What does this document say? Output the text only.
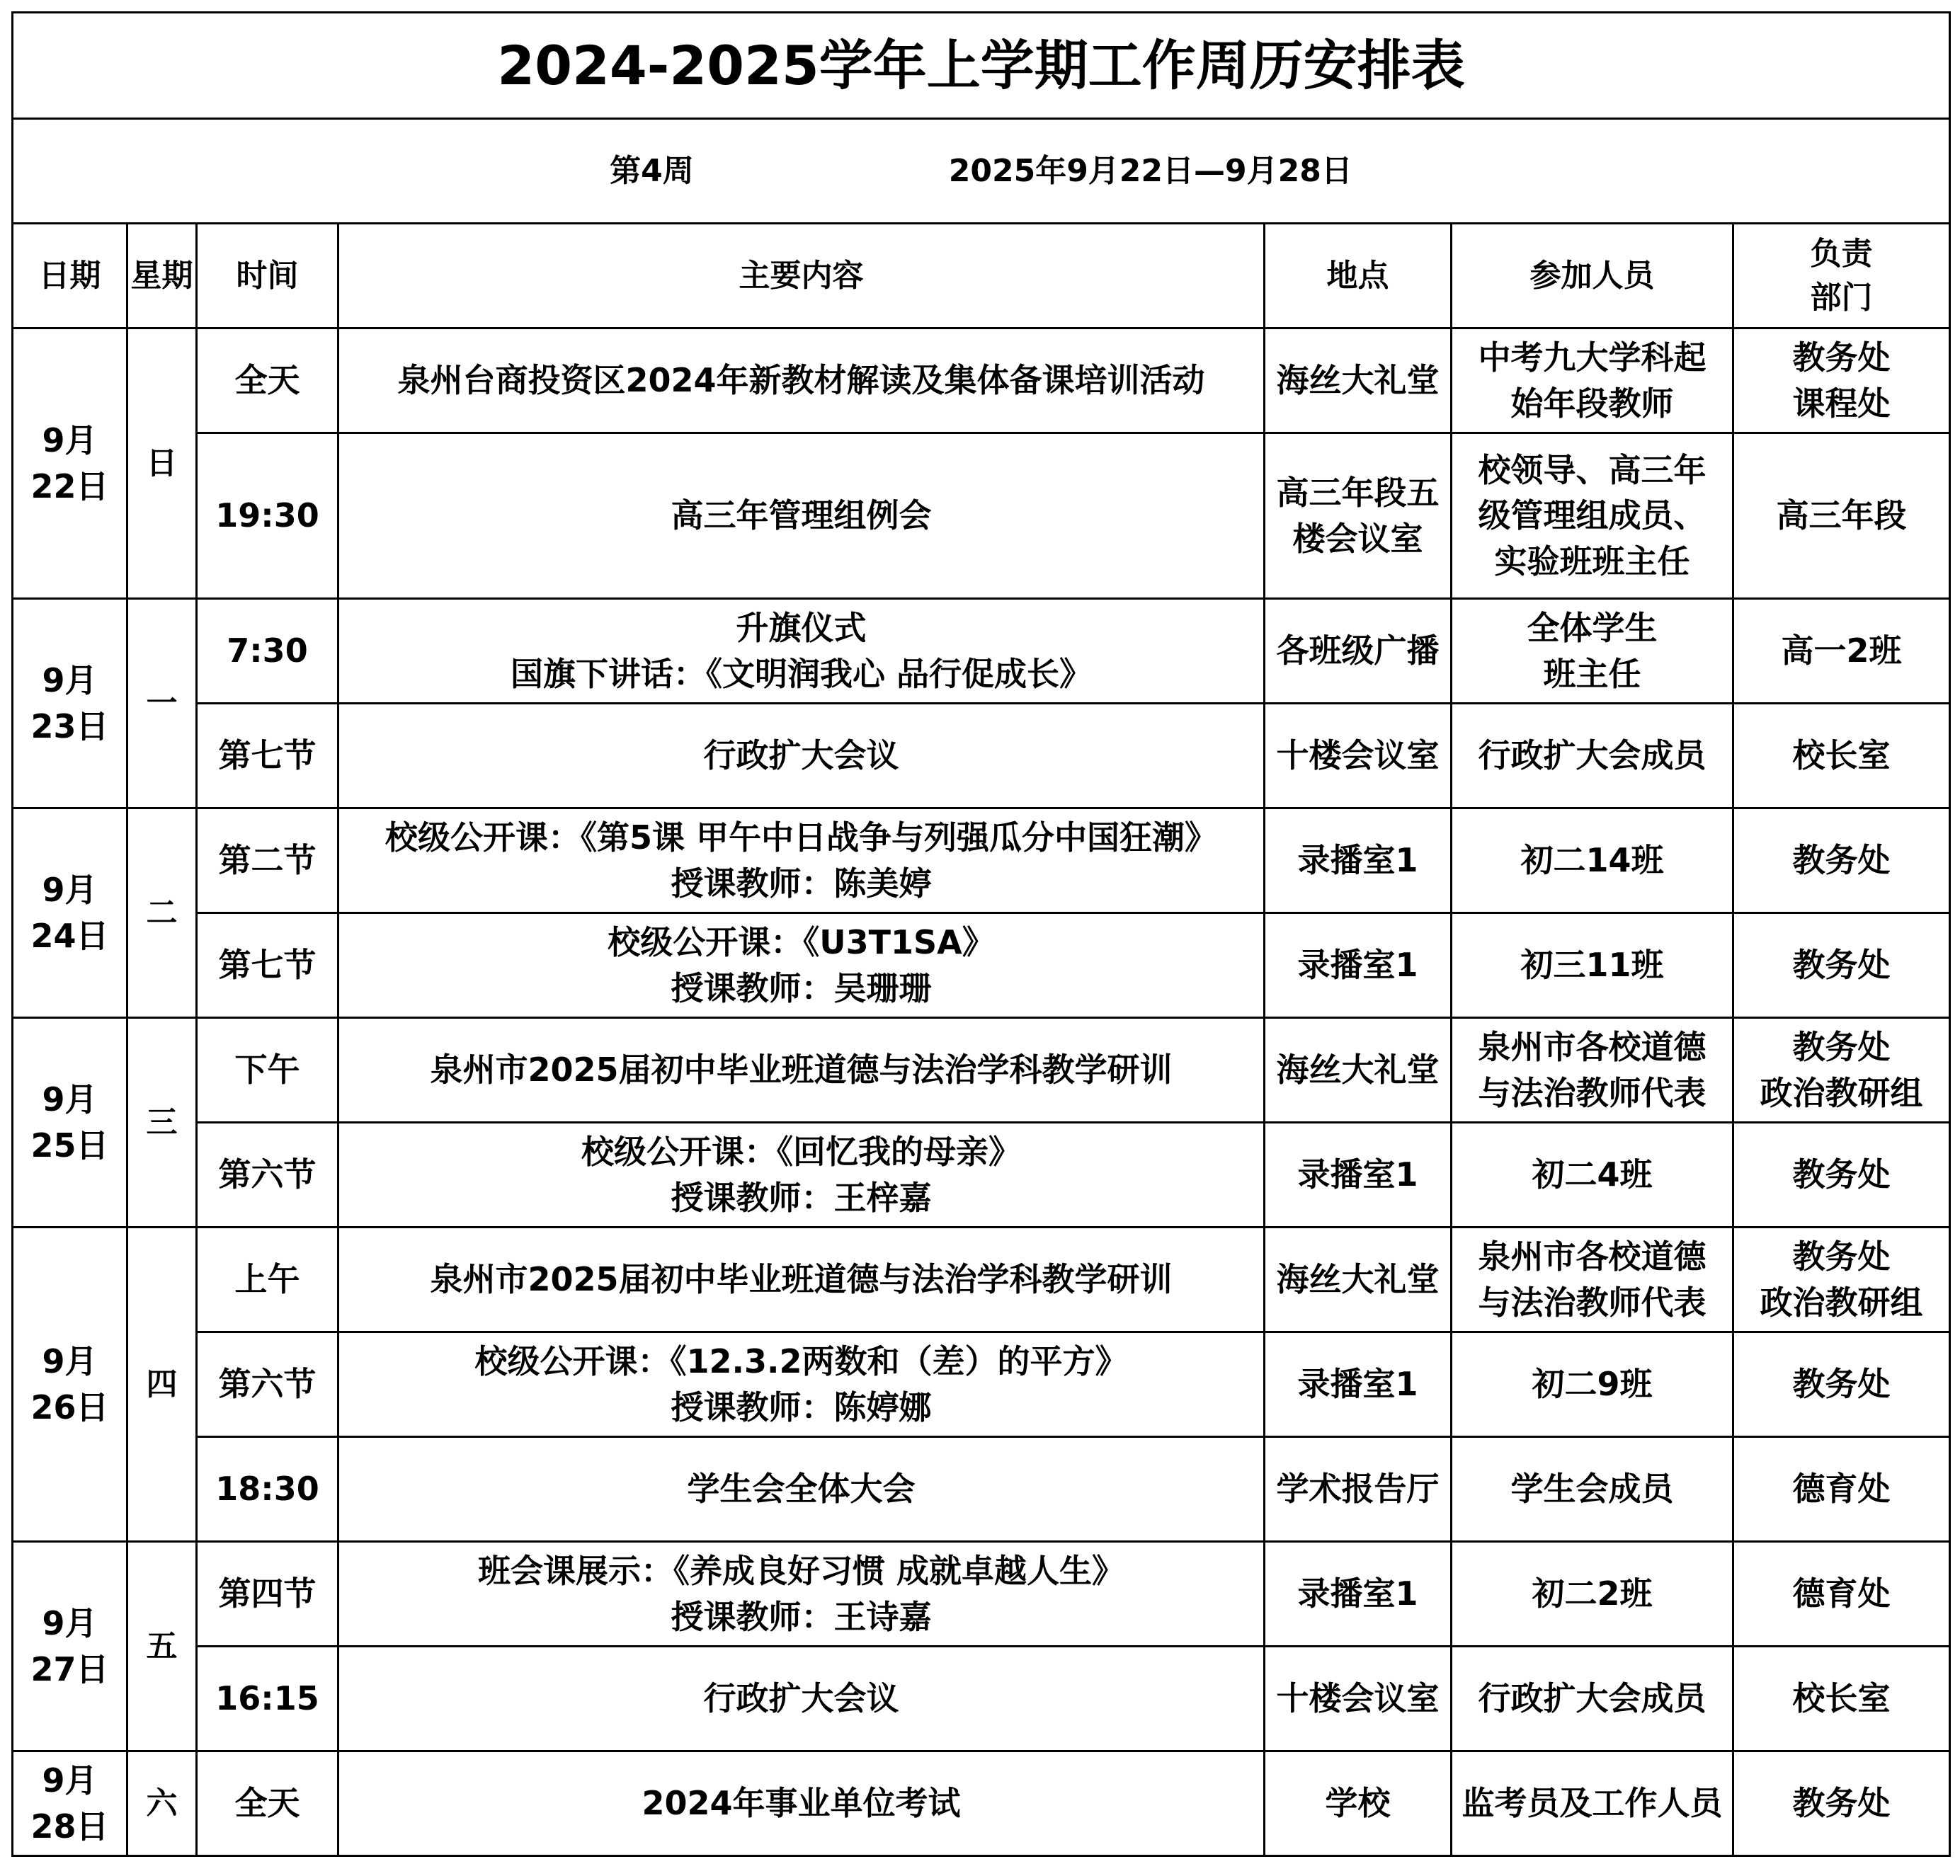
2024-2025学年上学期工作周历安排表						
第4周 2025年9月22日—9月28日						
日期	星期	时间	主要内容	地点	参加人员	负责
部门

9月
22日	日	全天	泉州台商投资区2024年新教材解读及集体备课培训活动	海丝大礼堂	中考九大学科起
始年段教师	教务处
课程处

		19:30	高三年管理组例会	高三年段五
楼会议室	校领导、高三年
级管理组成员、
实验班班主任	高三年段

9月
23日	一	7:30	升旗仪式
国旗下讲话：《文明润我心 品行促成长》	各班级广播	全体学生
班主任	高一2班

		第七节	行政扩大会议	十楼会议室	行政扩大会成员	校长室

9月
24日	二	第二节	校级公开课：《第5课 甲午中日战争与列强瓜分中国狂潮》
授课教师：陈美婷	录播室1	初二14班	教务处

		第七节	校级公开课：《U3T1SA》
授课教师：吴珊珊	录播室1	初三11班	教务处

9月
25日	三	下午	泉州市2025届初中毕业班道德与法治学科教学研训	海丝大礼堂	泉州市各校道德
与法治教师代表	教务处
政治教研组

		第六节	校级公开课：《回忆我的母亲》
授课教师：王梓嘉	录播室1	初二4班	教务处

9月
26日	四	上午	泉州市2025届初中毕业班道德与法治学科教学研训	海丝大礼堂	泉州市各校道德
与法治教师代表	教务处
政治教研组

		第六节	校级公开课：《12.3.2两数和（差）的平方》
授课教师：陈婷娜	录播室1	初二9班	教务处

		18:30	学生会全体大会	学术报告厅	学生会成员	德育处

9月
27日	五	第四节	班会课展示：《养成良好习惯 成就卓越人生》
授课教师：王诗嘉	录播室1	初二2班	德育处

		16:15	行政扩大会议	十楼会议室	行政扩大会成员	校长室

9月
28日	六	全天	2024年事业单位考试	学校	监考员及工作人员	教务处
